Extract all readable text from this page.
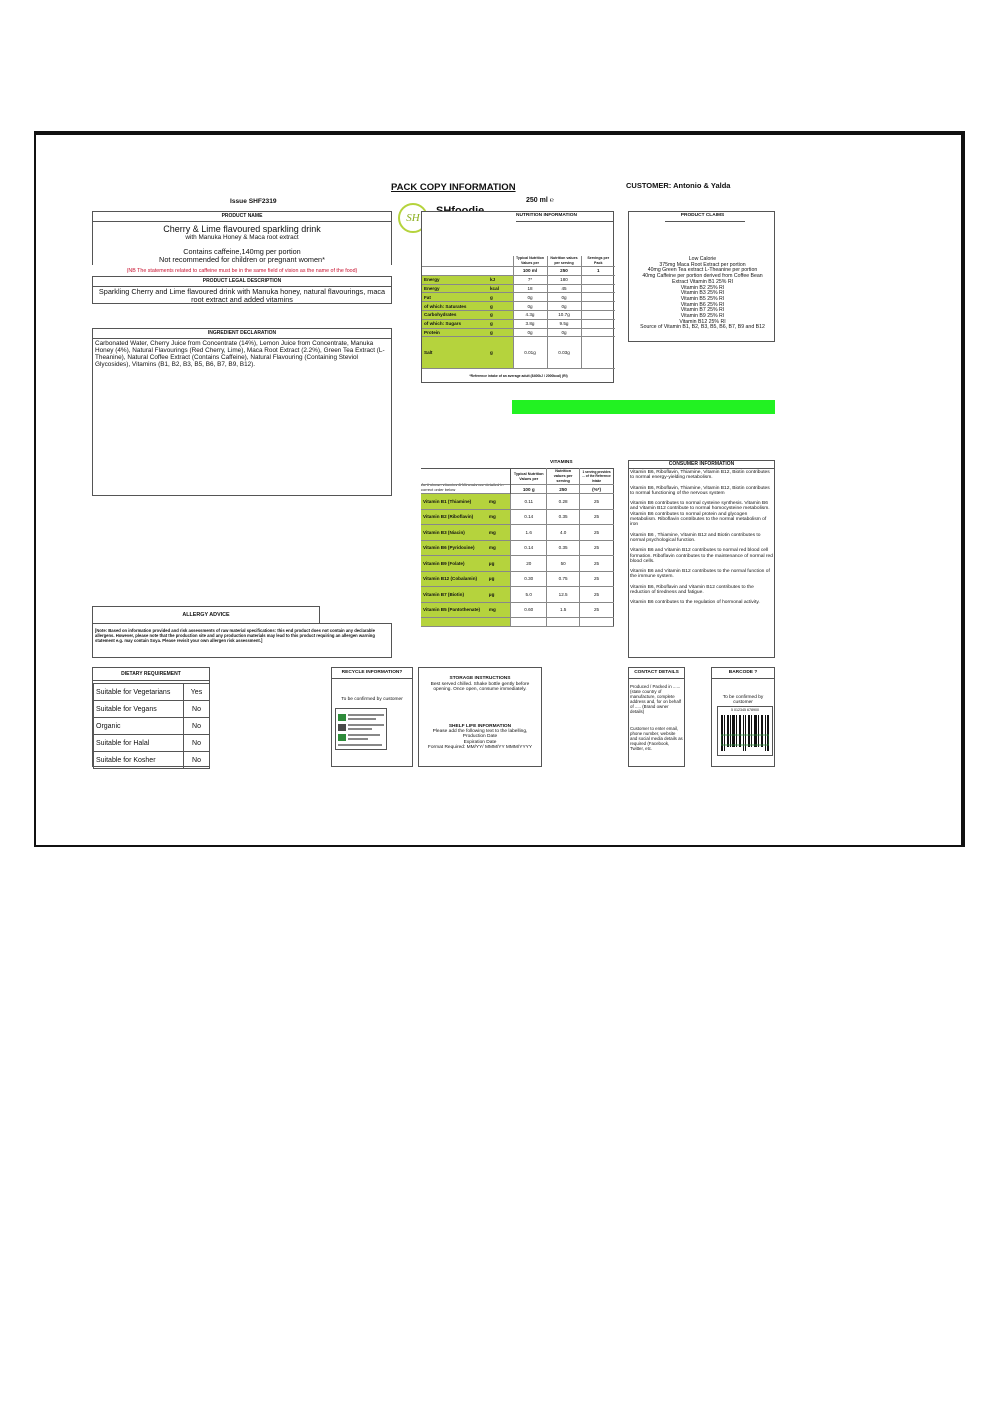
PACK COPY INFORMATION
250 ml ℮
CUSTOMER: Antonio & Yalda
Issue SHF2319
SH
PRODUCT NAME
Cherry & Lime flavoured sparkling drink
with Manuka Honey & Maca root extract
Contains caffeine,140mg per portion
Not recommended for children or pregnant women*
(NB The statements related to caffeine must be in the same field of vision as the name of the food)
PRODUCT LEGAL DESCRIPTION
Sparkling Cherry and Lime flavoured drink with Manuka honey, natural flavourings, maca root extract and added vitamins
INGREDIENT DECLARATION
Carbonated Water, Cherry Juice from Concentrate (14%), Lemon Juice from Concentrate, Manuka Honey (4%), Natural Flavourings (Red Cherry, Lime), Maca Root Extract (2.2%), Green Tea Extract (L-Theanine), Natural Coffee Extract (Contains Caffeine), Natural Flavouring (Containing Steviol Glycosides), Vitamins (B1, B2, B3, B5, B6, B7, B9, B12).
ALLERGY ADVICE
[Note: Based on information provided and risk assessments of raw material specifications: this end product does not contain any declarable allergens. However, please note that the production site and any production materials may lead to this product requiring an allergen warning statement e.g. may contain Soya. Please revisit your own allergen risk assessment.]
NUTRITION INFORMATION
		Typical Nutrition Values per	Nutrition values per serving	Servings per Pack
		100 ml	250	1
Energy	kJ	7*	180	
Energy	kcal	18	45	
Fat	g	0g	0g	
of which: Saturates	g	0g	0g	
Carbohydrates	g	4.3g	10.7g	
of which: Sugars	g	3.8g	9.5g	
Protein	g	0g	0g	
Salt	g	0.01g	0.03g	
*Reference intake of an average adult (8400kJ / 2000kcal) (RI)
PRODUCT CLAIMS
Low Calorie
375mg Maca Root Extract per portion
40mg Green Tea extract L-Theanine per portion
40mg Caffeine per portion derived from Coffee Bean
Extract Vitamin B1 25% RI
Vitamin B2 25% RI
Vitamin B3 25% RI
Vitamin B5 25% RI
Vitamin B6 25% RI
Vitamin B7 25% RI
Vitamin B9 25% RI
Vitamin B12 25% RI
Source of Vitamin B1, B2, B3, B5, B6, B7, B9 and B12
As it shown vitamins & Minerals are detailed in correct order below
VITAMINS
		Typical Nutrition Values per	Nutrition values per serving	1 serving provides ... of the Reference Intake
		100 g	250	(%*)
Vitamin B1 (Thiamine)	mg	0.11	0.28	25
Vitamin B2 (Riboflavin)	mg	0.14	0.35	25
Vitamin B3 (Niacin)	mg	1.6	4.0	25
Vitamin B6 (Pyridoxine)	mg	0.14	0.35	25
Vitamin B9 (Folate)	µg	20	50	25
Vitamin B12 (Cobalamin)	µg	0.30	0.75	25
Vitamin B7 (Biotin)	µg	5.0	12.5	25
Vitamin B5 (Pantothenate)	mg	0.60	1.5	25

CONSUMER INFORMATION

Vitamin B6, Riboflavin, Thiamine, Vitamin B12, Biotin contributes to normal energy-yielding metabolism.

Vitamin B6, Riboflavin, Thiamine, Vitamin B12, Biotin contributes to normal functioning of the nervous system

Vitamin B6 contributes to normal cysteine synthesis. Vitamin B6 and Vitamin B12 contribute to normal homocysteine metabolism. Vitamin B6 contributes to normal protein and glycogen metabolism. Riboflavin contributes to the normal metabolism of iron

Vitamin B6 , Thiamine, Vitamin B12 and Biotin contributes to normal psychological function.

Vitamin B6 and Vitamin B12 contributes to normal red blood cell formation. Riboflavin contributes to the maintenance of normal red blood cells.

Vitamin B6 and Vitamin B12 contributes to the normal function of the immune system.

Vitamin B6, Riboflavin and Vitamin B12 contributes to the reduction of tiredness and fatigue.

Vitamin B6 contributes to the regulation of hormonal activity.

DIETARY REQUIREMENT
Suitable for Vegetarians	Yes
Suitable for Vegans	No
Organic	No
Suitable for Halal	No
Suitable for Kosher	No
RECYCLE INFORMATION?
To be confirmed by customer
STORAGE INSTRUCTIONS
Best served chilled. Shake bottle gently before opening. Once open, consume immediately.
SHELF LIFE INFORMATION
Please add the following text to the labelling,
Production Date
Expiration Date
Format Required: MM/YY/ MMM/YY MMM/YYYY
CONTACT DETAILS
Produced / Packed in ...... (state country of manufacture, complete address and, for on behalf of ..... (Brand owner details)
Customer to enter email, phone number, website and social media details as required (Facebook, Twitter, etc.
BARCODE ?
To be confirmed by customer
5 012345 678900
